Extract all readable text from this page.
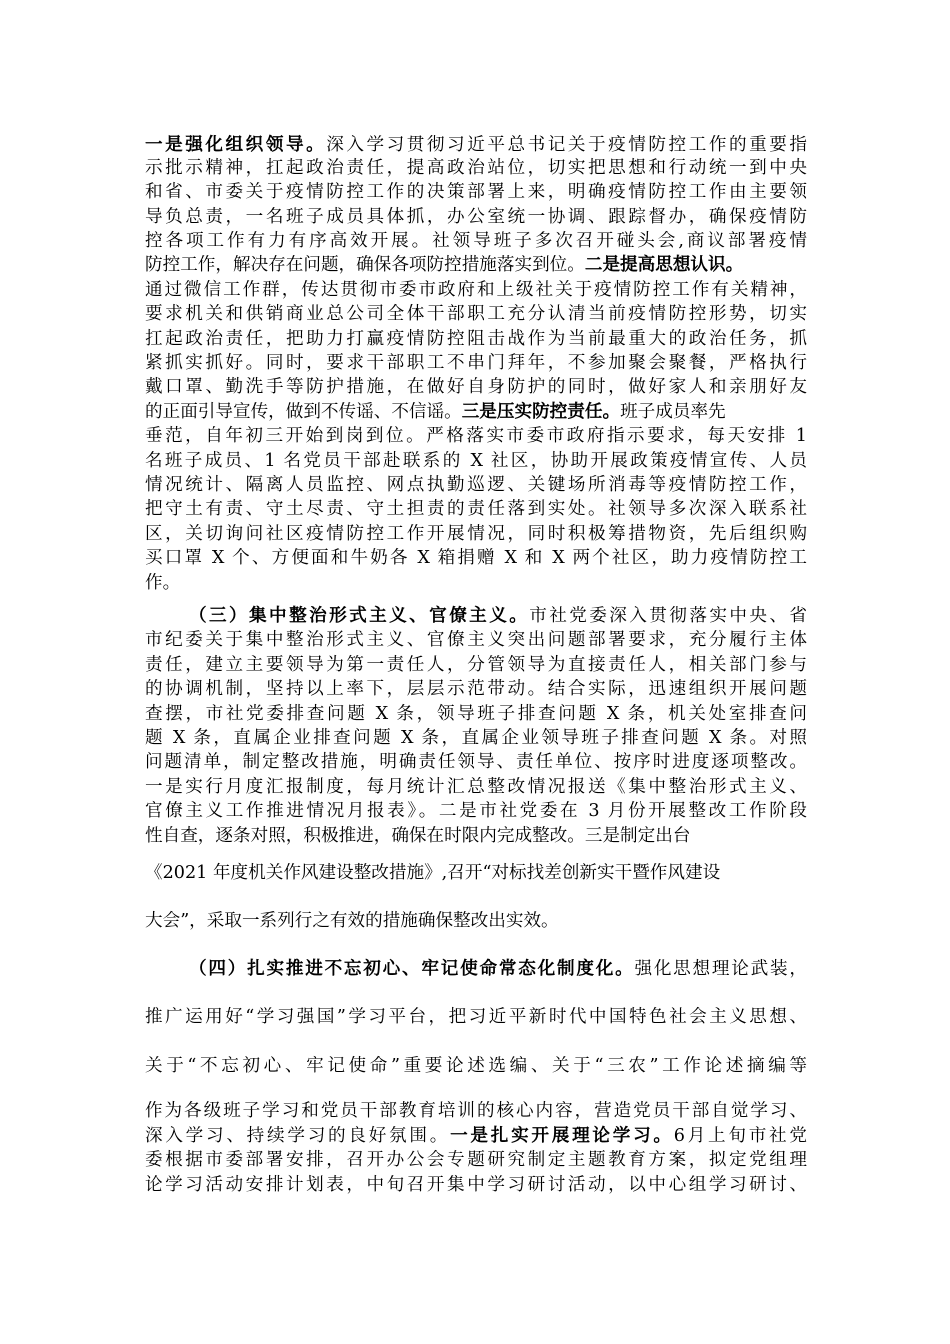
一是强化组织领导。深入学习贯彻习近平总书记关于疫情防控工作的重要指
示批示精神，扛起政治责任，提高政治站位，切实把思想和行动统一到中央
和省、市委关于疫情防控工作的决策部署上来，明确疫情防控工作由主要领
导负总责，一名班子成员具体抓，办公室统一协调、跟踪督办，确保疫情防
控各项工作有力有序高效开展。社领导班子多次召开碰头会,商议部署疫情
防控工作，解决存在问题，确保各项防控措施落实到位。二是提高思想认识。
通过微信工作群，传达贯彻市委市政府和上级社关于疫情防控工作有关精神，
要求机关和供销商业总公司全体干部职工充分认清当前疫情防控形势，切实
扛起政治责任，把助力打赢疫情防控阻击战作为当前最重大的政治任务，抓
紧抓实抓好。同时，要求干部职工不串门拜年，不参加聚会聚餐，严格执行
戴口罩、勤洗手等防护措施，在做好自身防护的同时，做好家人和亲朋好友
的正面引导宣传，做到不传谣、不信谣。三是压实防控责任。班子成员率先
垂范，自年初三开始到岗到位。严格落实市委市政府指示要求，每天安排 1
名班子成员、1 名党员干部赴联系的 X 社区，协助开展政策疫情宣传、人员
情况统计、隔离人员监控、网点执勤巡逻、关键场所消毒等疫情防控工作，
把守土有责、守土尽责、守土担责的责任落到实处。社领导多次深入联系社
区，关切询问社区疫情防控工作开展情况，同时积极筹措物资，先后组织购
买口罩 X 个、方便面和牛奶各 X 箱捐赠 X 和 X 两个社区，助力疫情防控工
作。
（三）集中整治形式主义、官僚主义。市社党委深入贯彻落实中央、省
市纪委关于集中整治形式主义、官僚主义突出问题部署要求，充分履行主体
责任，建立主要领导为第一责任人，分管领导为直接责任人，相关部门参与
的协调机制，坚持以上率下，层层示范带动。结合实际，迅速组织开展问题
查摆，市社党委排查问题 X 条，领导班子排查问题 X 条，机关处室排查问
题 X 条，直属企业排查问题 X 条，直属企业领导班子排查问题 X 条。对照
问题清单，制定整改措施，明确责任领导、责任单位、按序时进度逐项整改。
一是实行月度汇报制度，每月统计汇总整改情况报送《集中整治形式主义、
官僚主义工作推进情况月报表》。二是市社党委在 3 月份开展整改工作阶段
性自查，逐条对照，积极推进，确保在时限内完成整改。三是制定出台
《2021 年度机关作风建设整改措施》,召开“对标找差创新实干暨作风建设
大会”，采取一系列行之有效的措施确保整改出实效。
（四）扎实推进不忘初心、牢记使命常态化制度化。强化思想理论武装，
推广运用好“学习强国”学习平台，把习近平新时代中国特色社会主义思想、
关于“不忘初心、牢记使命”重要论述选编、关于“三农”工作论述摘编等
作为各级班子学习和党员干部教育培训的核心内容，营造党员干部自觉学习、
深入学习、持续学习的良好氛围。一是扎实开展理论学习。6月上旬市社党
委根据市委部署安排，召开办公会专题研究制定主题教育方案，拟定党组理
论学习活动安排计划表，中旬召开集中学习研讨活动，以中心组学习研讨、
